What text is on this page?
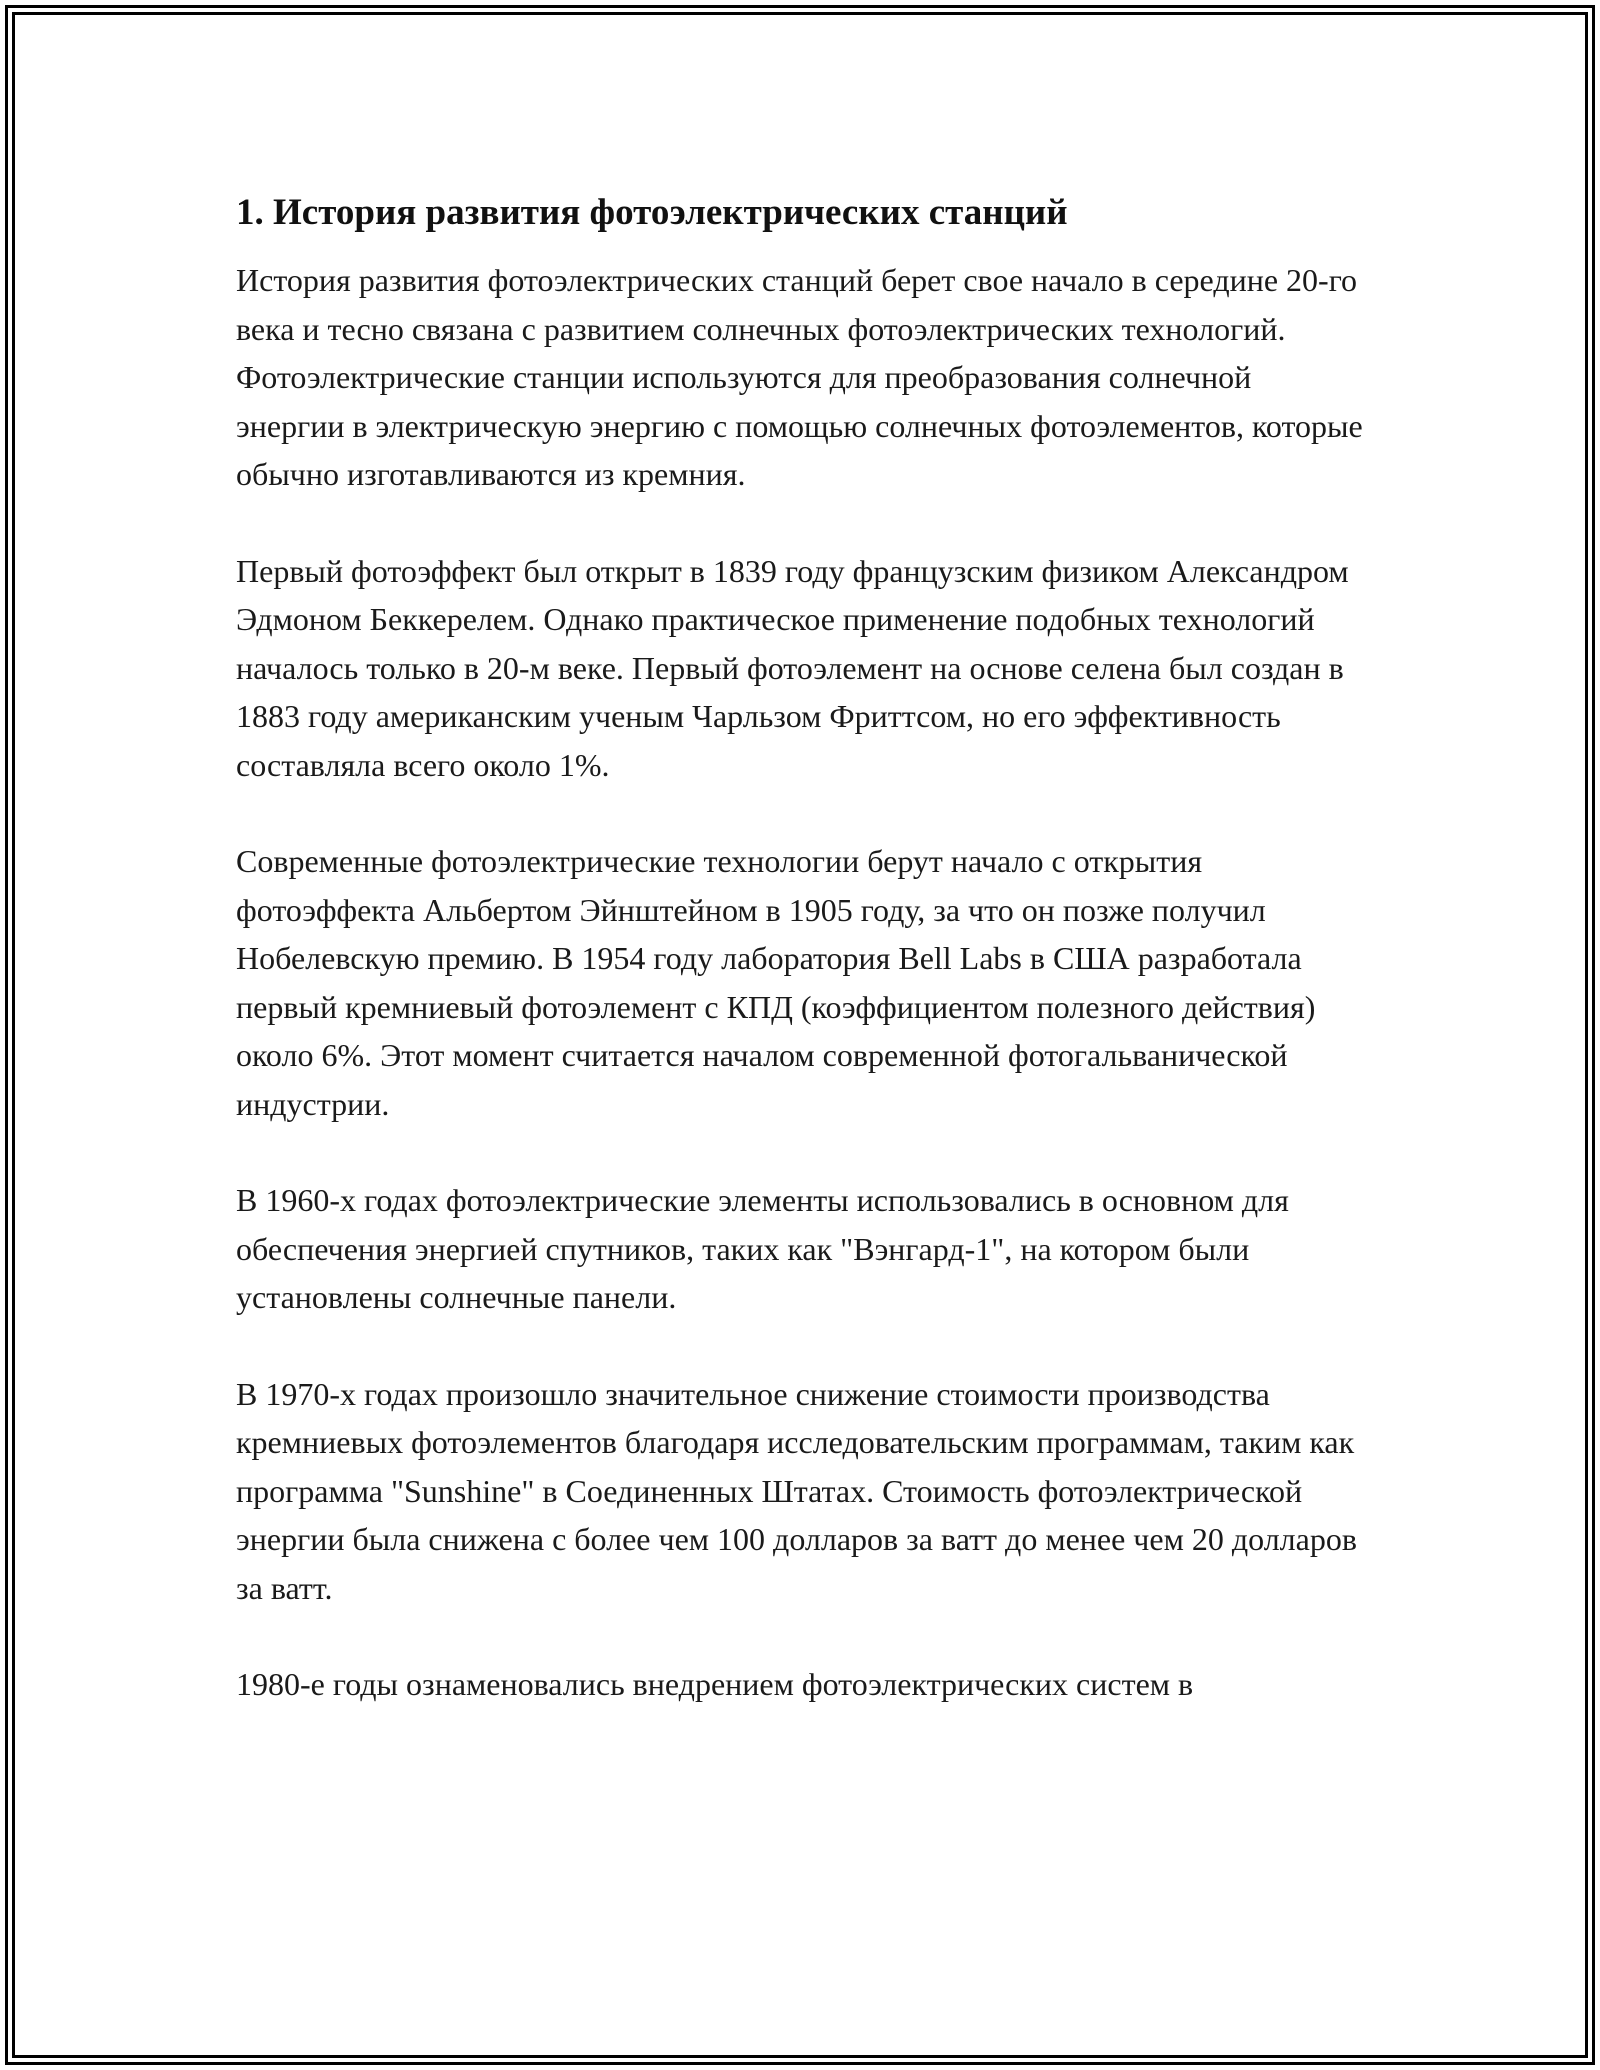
1. История развития фотоэлектрических станций

История развития фотоэлектрических станций берет свое начало в середине 20-го века и тесно связана с развитием солнечных фотоэлектрических технологий. Фотоэлектрические станции используются для преобразования солнечной энергии в электрическую энергию с помощью солнечных фотоэлементов, которые обычно изготавливаются из кремния.

Первый фотоэффект был открыт в 1839 году французским физиком Александром Эдмоном Беккерелем. Однако практическое применение подобных технологий началось только в 20-м веке. Первый фотоэлемент на основе селена был создан в 1883 году американским ученым Чарльзом Фриттсом, но его эффективность составляла всего около 1%.

Современные фотоэлектрические технологии берут начало с открытия фотоэффекта Альбертом Эйнштейном в 1905 году, за что он позже получил Нобелевскую премию. В 1954 году лаборатория Bell Labs в США разработала первый кремниевый фотоэлемент с КПД (коэффициентом полезного действия) около 6%. Этот момент считается началом современной фотогальванической индустрии.

В 1960-х годах фотоэлектрические элементы использовались в основном для обеспечения энергией спутников, таких как "Вэнгард-1", на котором были установлены солнечные панели.

В 1970-х годах произошло значительное снижение стоимости производства кремниевых фотоэлементов благодаря исследовательским программам, таким как программа "Sunshine" в Соединенных Штатах. Стоимость фотоэлектрической энергии была снижена с более чем 100 долларов за ватт до менее чем 20 долларов за ватт.

1980-е годы ознаменовались внедрением фотоэлектрических систем в
